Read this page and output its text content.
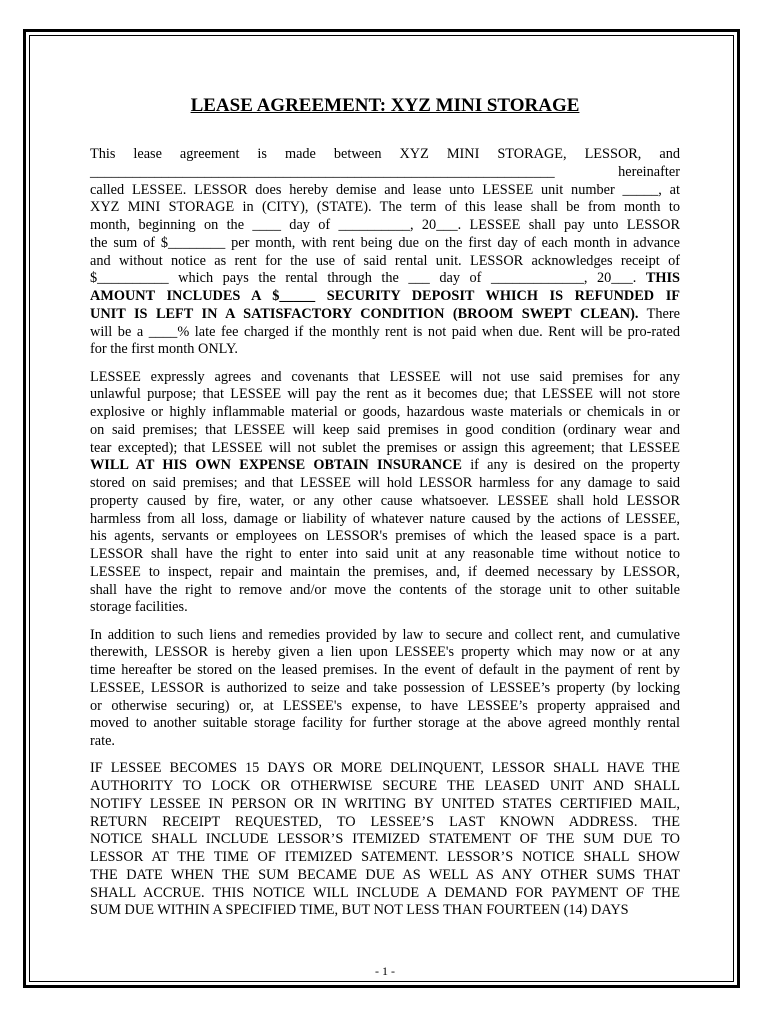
LEASE AGREEMENT: XYZ MINI STORAGE
This lease agreement is made between XYZ MINI STORAGE, LESSOR, and
_________________________________________________________________ hereinafter
called LESSEE. LESSOR does hereby demise and lease unto LESSEE unit number _____, at
XYZ MINI STORAGE in (CITY), (STATE). The term of this lease shall be from month to
month, beginning on the ____ day of __________, 20___. LESSEE shall pay unto LESSOR
the sum of $________ per month, with rent being due on the first day of each month in advance
and without notice as rent for the use of said rental unit. LESSOR acknowledges receipt of
$__________ which pays the rental through the ___ day of _____________, 20___. THIS
AMOUNT INCLUDES A $_____ SECURITY DEPOSIT WHICH IS REFUNDED IF
UNIT IS LEFT IN A SATISFACTORY CONDITION (BROOM SWEPT CLEAN). There
will be a ____% late fee charged if the monthly rent is not paid when due. Rent will be pro-rated
for the first month ONLY.
LESSEE expressly agrees and covenants that LESSEE will not use said premises for any
unlawful purpose; that LESSEE will pay the rent as it becomes due; that LESSEE will not store
explosive or highly inflammable material or goods, hazardous waste materials or chemicals in or
on said premises; that LESSEE will keep said premises in good condition (ordinary wear and
tear excepted); that LESSEE will not sublet the premises or assign this agreement; that LESSEE
WILL AT HIS OWN EXPENSE OBTAIN INSURANCE if any is desired on the property
stored on said premises; and that LESSEE will hold LESSOR harmless for any damage to said
property caused by fire, water, or any other cause whatsoever. LESSEE shall hold LESSOR
harmless from all loss, damage or liability of whatever nature caused by the actions of LESSEE,
his agents, servants or employees on LESSOR's premises of which the leased space is a part.
LESSOR shall have the right to enter into said unit at any reasonable time without notice to
LESSEE to inspect, repair and maintain the premises, and, if deemed necessary by LESSOR,
shall have the right to remove and/or move the contents of the storage unit to other suitable
storage facilities.
In addition to such liens and remedies provided by law to secure and collect rent, and cumulative
therewith, LESSOR is hereby given a lien upon LESSEE's property which may now or at any
time hereafter be stored on the leased premises. In the event of default in the payment of rent by
LESSEE, LESSOR is authorized to seize and take possession of LESSEE’s property (by locking
or otherwise securing) or, at LESSEE's expense, to have LESSEE’s property appraised and
moved to another suitable storage facility for further storage at the above agreed monthly rental
rate.
IF LESSEE BECOMES 15 DAYS OR MORE DELINQUENT, LESSOR SHALL HAVE THE
AUTHORITY TO LOCK OR OTHERWISE SECURE THE LEASED UNIT AND SHALL
NOTIFY LESSEE IN PERSON OR IN WRITING BY UNITED STATES CERTIFIED MAIL,
RETURN RECEIPT REQUESTED, TO LESSEE’S LAST KNOWN ADDRESS. THE
NOTICE SHALL INCLUDE LESSOR’S ITEMIZED STATEMENT OF THE SUM DUE TO
LESSOR AT THE TIME OF ITEMIZED SATEMENT. LESSOR’S NOTICE SHALL SHOW
THE DATE WHEN THE SUM BECAME DUE AS WELL AS ANY OTHER SUMS THAT
SHALL ACCRUE. THIS NOTICE WILL INCLUDE A DEMAND FOR PAYMENT OF THE
SUM DUE WITHIN A SPECIFIED TIME, BUT NOT LESS THAN FOURTEEN (14) DAYS
- 1 -
